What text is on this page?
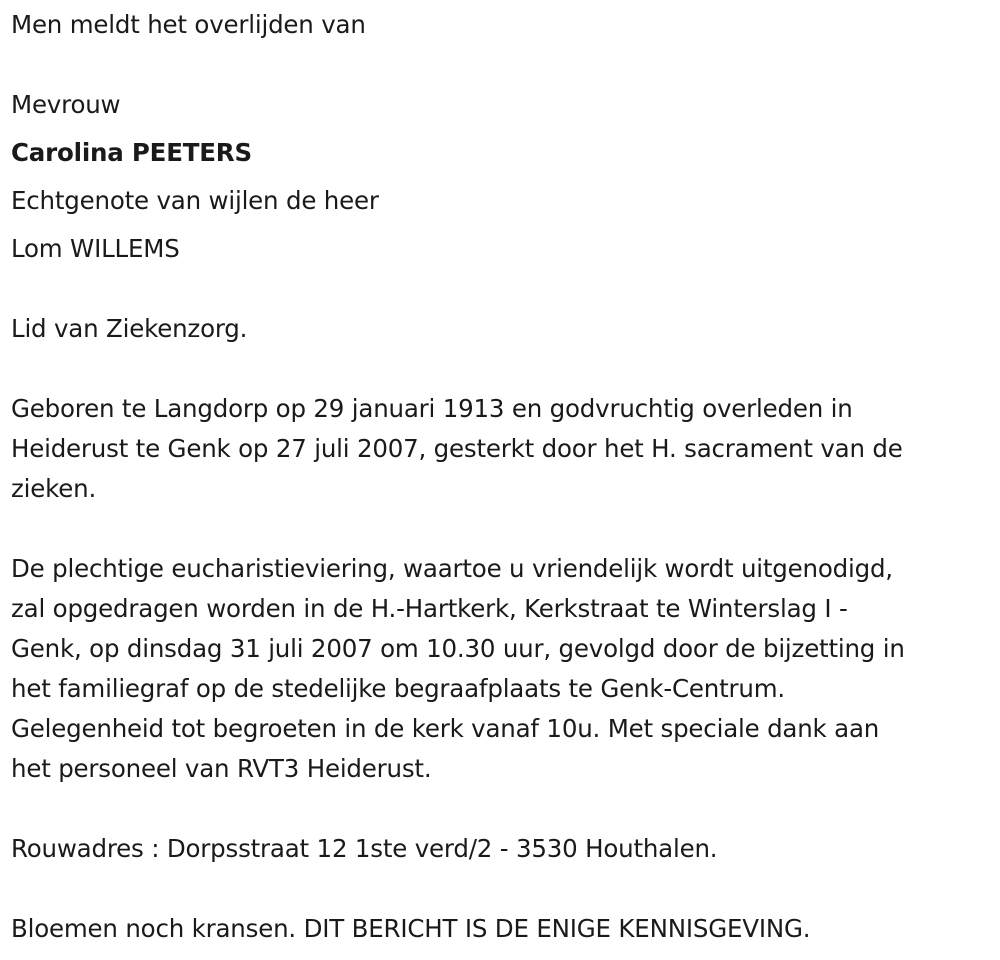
Men meldt het overlijden van
Mevrouw
Carolina PEETERS
Echtgenote van wijlen de heer
Lom WILLEMS
Lid van Ziekenzorg.
Geboren te Langdorp op 29 januari 1913 en godvruchtig overleden in
Heiderust te Genk op 27 juli 2007, gesterkt door het H. sacrament van de
zieken.
De plechtige eucharistieviering, waartoe u vriendelijk wordt uitgenodigd,
zal opgedragen worden in de H.-Hartkerk, Kerkstraat te Winterslag I -
Genk, op dinsdag 31 juli 2007 om 10.30 uur, gevolgd door de bijzetting in
het familiegraf op de stedelijke begraafplaats te Genk-Centrum.
Gelegenheid tot begroeten in de kerk vanaf 10u. Met speciale dank aan
het personeel van RVT3 Heiderust.
Rouwadres : Dorpsstraat 12 1ste verd/2 - 3530 Houthalen.
Bloemen noch kransen. DIT BERICHT IS DE ENIGE KENNISGEVING.
